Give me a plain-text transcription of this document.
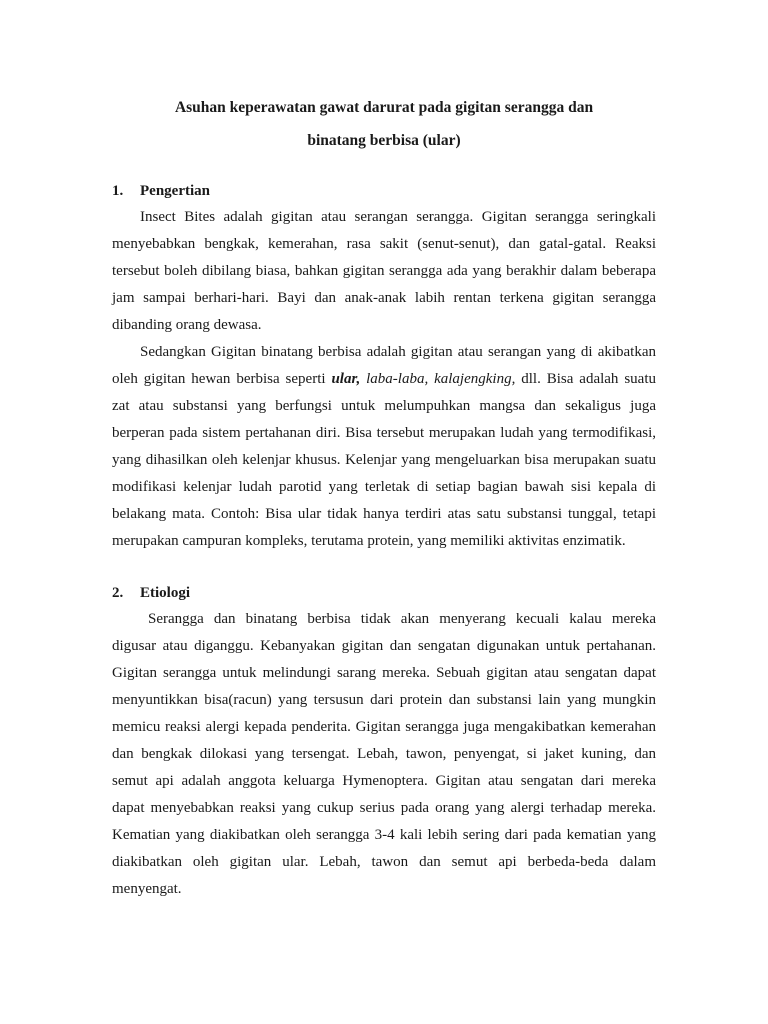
Asuhan keperawatan gawat darurat pada gigitan serangga dan
binatang berbisa (ular)
1. Pengertian
Insect Bites adalah gigitan atau serangan serangga. Gigitan serangga seringkali
menyebabkan bengkak, kemerahan, rasa sakit (senut-senut), dan gatal-gatal. Reaksi
tersebut boleh dibilang biasa, bahkan gigitan serangga ada yang berakhir dalam beberapa
jam sampai berhari-hari. Bayi dan anak-anak labih rentan terkena gigitan serangga
dibanding orang dewasa.
Sedangkan Gigitan binatang berbisa adalah gigitan atau serangan yang di akibatkan
oleh gigitan hewan berbisa seperti ular, laba-laba, kalajengking, dll. Bisa adalah suatu
zat atau substansi yang berfungsi untuk melumpuhkan mangsa dan sekaligus juga
berperan pada sistem pertahanan diri. Bisa tersebut merupakan ludah yang termodifikasi,
yang dihasilkan oleh kelenjar khusus. Kelenjar yang mengeluarkan bisa merupakan suatu
modifikasi kelenjar ludah parotid yang terletak di setiap bagian bawah sisi kepala di
belakang mata. Contoh: Bisa ular tidak hanya terdiri atas satu substansi tunggal, tetapi
merupakan campuran kompleks, terutama protein, yang memiliki aktivitas enzimatik.
2. Etiologi
Serangga dan binatang berbisa tidak akan menyerang kecuali kalau mereka
digusar atau diganggu. Kebanyakan gigitan dan sengatan digunakan untuk pertahanan.
Gigitan serangga untuk melindungi sarang mereka. Sebuah gigitan atau sengatan dapat
menyuntikkan bisa(racun) yang tersusun dari protein dan substansi lain yang mungkin
memicu reaksi alergi kepada penderita. Gigitan serangga juga mengakibatkan kemerahan
dan bengkak dilokasi yang tersengat. Lebah, tawon, penyengat, si jaket kuning, dan
semut api adalah anggota keluarga Hymenoptera. Gigitan atau sengatan dari mereka
dapat menyebabkan reaksi yang cukup serius pada orang yang alergi terhadap mereka.
Kematian yang diakibatkan oleh serangga 3-4 kali lebih sering dari pada kematian yang
diakibatkan oleh gigitan ular. Lebah, tawon dan semut api berbeda-beda dalam
menyengat.
